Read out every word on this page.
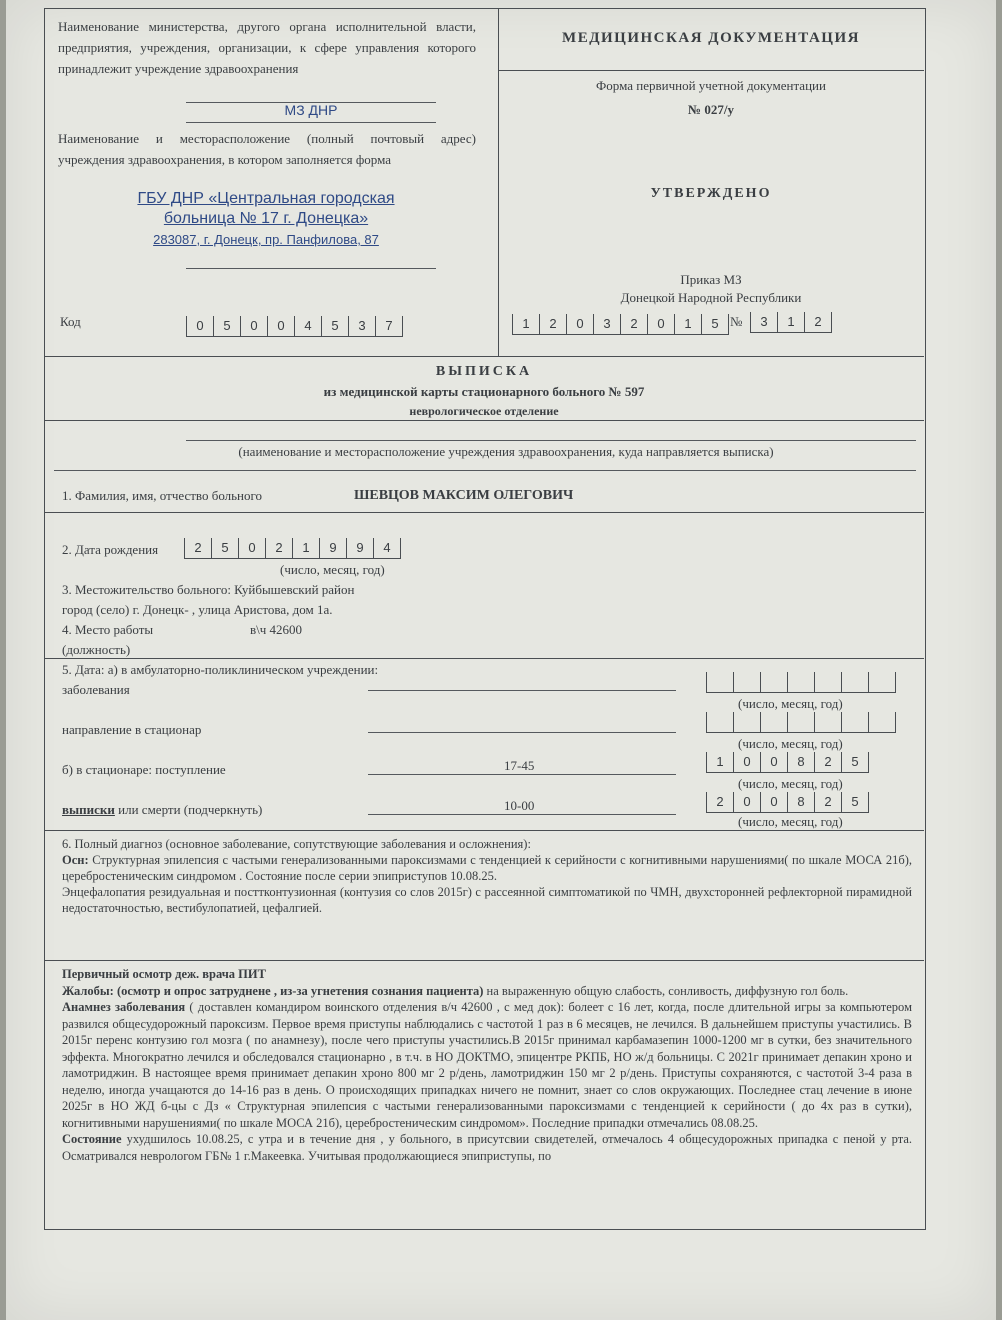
Наименование министерства, другого органа исполнительной власти, предприятия, учреждения, организации, к сфере управления которого принадлежит учреждение здравоохранения
МЗ ДНР
Наименование и месторасположение (полный почтовый адрес) учреждения здравоохранения, в котором заполняется форма
ГБУ ДНР «Центральная городская
больница № 17 г. Донецка»
283087, г. Донецк, пр. Панфилова, 87
Код	0	5	0	0	4	5	3	7
МЕДИЦИНСКАЯ ДОКУМЕНТАЦИЯ
Форма первичной учетной документации
№ 027/у
УТВЕРЖДЕНО
Приказ МЗ
Донецкой Народной Республики
1	2	0	3	2	0	1	5 №	3	1	2
ВЫПИСКА
из медицинской карты стационарного больного № 597
неврологическое отделение
(наименование и месторасположение учреждения здравоохранения, куда направляется выписка)
1. Фамилия, имя, отчество больного	ШЕВЦОВ МАКСИМ ОЛЕГОВИЧ
2. Дата рождения	2	5	0	2	1	9	9	4
(число, месяц, год)
3. Местожительство больного: Куйбышевский район
город (село) г. Донецк- , улица Аристова, дом 1а.
4. Место работы	в\ч 42600
(должность)
5. Дата: а) в амбулаторно-поликлиническом учреждении:
заболевания
(число, месяц, год)
направление в стационар
(число, месяц, год)
б) в стационаре: поступление	17-45	1	0	0	8	2	5
(число, месяц, год)
выписки или смерти (подчеркнуть)	10-00	2	0	0	8	2	5
(число, месяц, год)
6. Полный диагноз (основное заболевание, сопутствующие заболевания и осложнения):
Осн: Структурная эпилепсия с частыми генерализованными пароксизмами с тенденцией к серийности с когнитивными нарушениями( по шкале МОСА 21б), церебростеническим синдромом . Состояние после серии эпиприступов 10.08.25.
Энцефалопатия резидуальная и посттконтузионная (контузия со слов 2015г) с рассеянной симптоматикой по ЧМН, двухсторонней рефлекторной пирамидной недостаточностью, вестибулопатией, цефалгией.
Первичный осмотр деж. врача ПИТ
Жалобы: (осмотр и опрос затруднене , из-за угнетения сознания пациента) на выраженную общую слабость, сонливость, диффузную гол боль.
Анамнез заболевания ( доставлен командиром воинского отделения в/ч 42600 , с мед док): болеет с 16 лет, когда, после длительной игры за компьютером развился общесудорожный пароксизм. Первое время приступы наблюдались с частотой 1 раз в 6 месяцев, не лечился. В дальнейшем приступы участились. В 2015г перенс контузию гол мозга ( по анамнезу), после чего приступы участились.В 2015г принимал карбамазепин 1000-1200 мг в сутки, без значительного эффекта. Многократно лечился и обследовался стационарно , в т.ч. в НО ДОКТМО, эпицентре РКПБ, НО ж/д больницы. С 2021г принимает депакин хроно и ламотриджин. В настоящее время принимает депакин хроно 800 мг 2 р/день, ламотриджин 150 мг 2 р/день. Приступы сохраняются, с частотой 3-4 раза в неделю, иногда учащаются до 14-16 раз в день. О происходящих припадках ничего не помнит, знает со слов окружающих. Последнее стац лечение в июне 2025г в НО ЖД б-цы с Дз « Структурная эпилепсия с частыми генерализованными пароксизмами с тенденцией к серийности ( до 4х раз в сутки), когнитивными нарушениями( по шкале МОСА 21б), церебростеническим синдромом». Последние припадки отмечались 08.08.25.
Состояние ухудшилось 10.08.25, с утра и в течение дня , у больного, в присутсвии свидетелей, отмечалось 4 общесудорожных припадка с пеной у рта. Осматривался неврологом ГБ№ 1 г.Макеевка. Учитывая продолжающиеся эпиприступы, по
